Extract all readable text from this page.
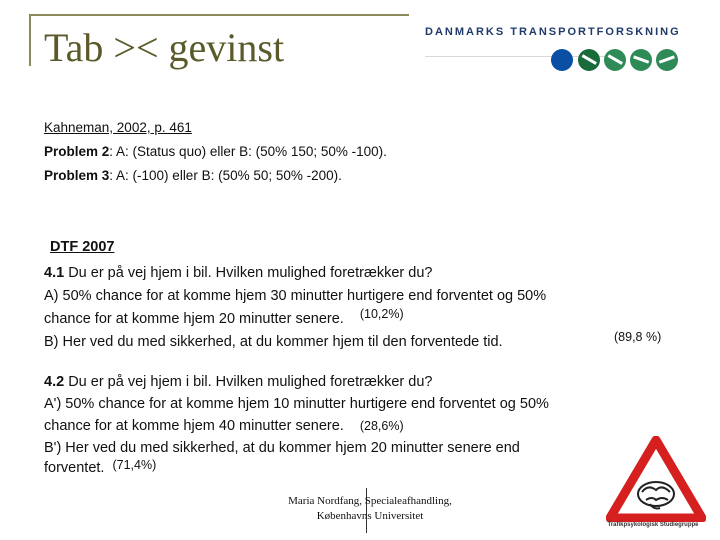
Tab >< gevinst	DANMARKS TRANSPORTFORSKNING
Kahneman, 2002, p. 461
Problem 2: A: (Status quo) eller B: (50% 150; 50% -100).
Problem 3: A: (-100) eller B: (50% 50; 50% -200).
DTF 2007
4.1 Du er på vej hjem i bil. Hvilken mulighed foretrækker du?
A) 50% chance for at komme hjem 30 minutter hurtigere end forventet og 50%
chance for at komme hjem 20 minutter senere. (10,2%)
B) Her ved du med sikkerhed, at du kommer hjem til den forventede tid.	(89,8 %)
4.2 Du er på vej hjem i bil. Hvilken mulighed foretrækker du?
A') 50% chance for at komme hjem 10 minutter hurtigere end forventet og 50%
chance for at komme hjem 40 minutter senere. (28,6%)
B') Her ved du med sikkerhed, at du kommer hjem 20 minutter senere end
forventet. (71,4%)
Maria Nordfang, Specialeafhandling,
Københavns Universitet
Trafikpsykologisk Studiegruppe
